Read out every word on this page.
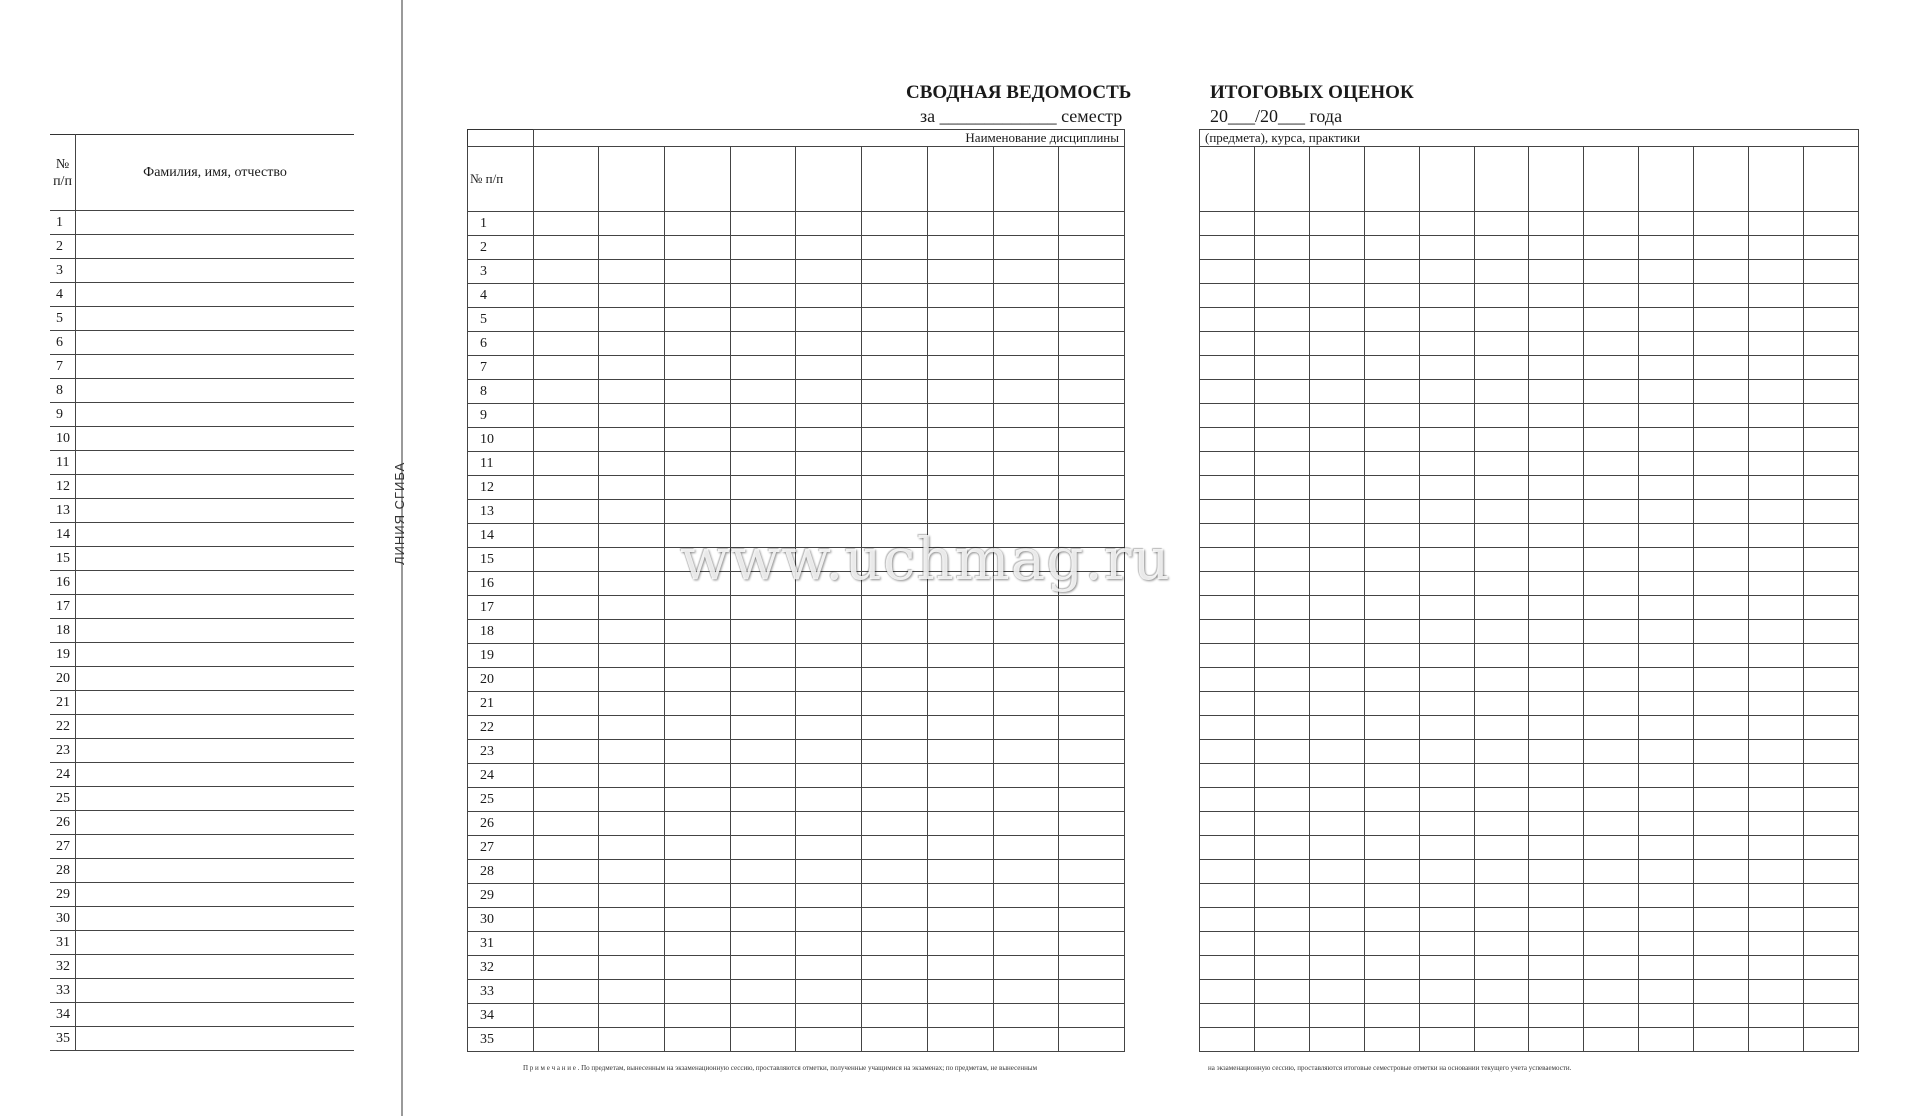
ЛИНИЯ СГИБА
№ п/п	Фамилия, имя, отчество
1	
2	
3	
4	
5	
6	
7	
8	
9	
10	
11	
12	
13	
14	
15	
16	
17	
18	
19	
20	
21	
22	
23	
24	
25	
26	
27	
28	
29	
30	
31	
32	
33	
34	
35	
СВОДНАЯ ВЕДОМОСТЬ
за _____________ семестр
	Наименование дисциплины								
№ п/п									
1									
2									
3									
4									
5									
6									
7									
8									
9									
10									
11									
12									
13									
14									
15									
16									
17									
18									
19									
20									
21									
22									
23									
24									
25									
26									
27									
28									
29									
30									
31									
32									
33									
34									
35									
П р и м е ч а н и е . По предметам, вынесенным на экзаменационную сессию, проставляются отметки, полученные учащимися на экзаменах; по предметам, не вынесенным
ИТОГОВЫХ ОЦЕНОК
20___/20___ года
(предмета), курса, практики											

на экзаменационную сессию, проставляются итоговые семестровые отметки на основании текущего учета успеваемости.
www.uchmag.ru
